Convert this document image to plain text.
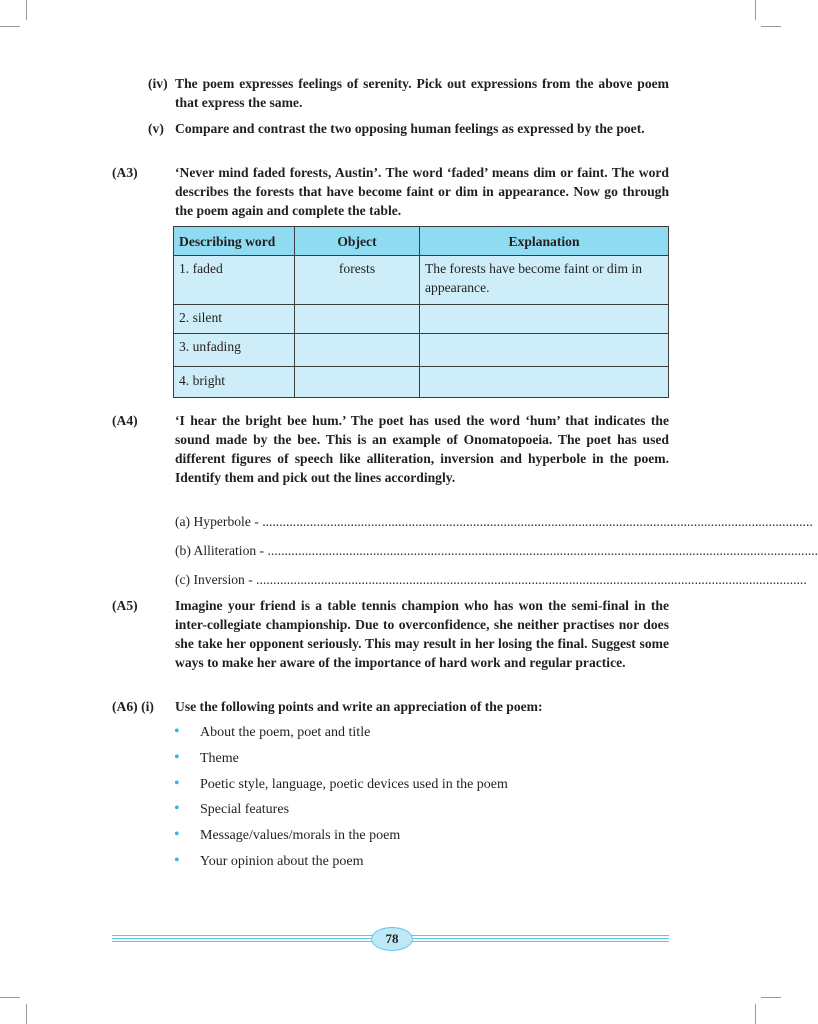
(iv) The poem expresses feelings of serenity. Pick out expressions from the above poem that express the same.
(v) Compare and contrast the two opposing human feelings as expressed by the poet.
(A3)	‘Never mind faded forests, Austin’. The word ‘faded’ means dim or faint. The word describes the forests that have become faint or dim in appearance. Now go through the poem again and complete the table.
Describing word	Object	Explanation
1. faded	forests	The forests have become faint or dim in appearance.
2. silent		
3. unfading		
4. bright		
(A4)	‘I hear the bright bee hum.’ The poet has used the word ‘hum’ that indicates the sound made by the bee. This is an example of Onomatopoeia. The poet has used different figures of speech like alliteration, inversion and hyperbole in the poem. Identify them and pick out the lines accordingly.
(a) Hyperbole - ..................................................................................................................................................................
(b) Alliteration - ..................................................................................................................................................................
(c) Inversion - ..................................................................................................................................................................
(A5)	Imagine your friend is a table tennis champion who has won the semi-final in the inter-collegiate championship. Due to overconfidence, she neither practises nor does she take her opponent seriously. This may result in her losing the final. Suggest some ways to make her aware of the importance of hard work and regular practice.
(A6) (i) Use the following points and write an appreciation of the poem:
• About the poem, poet and title
• Theme
• Poetic style, language, poetic devices used in the poem
• Special features
• Message/values/morals in the poem
• Your opinion about the poem
78
